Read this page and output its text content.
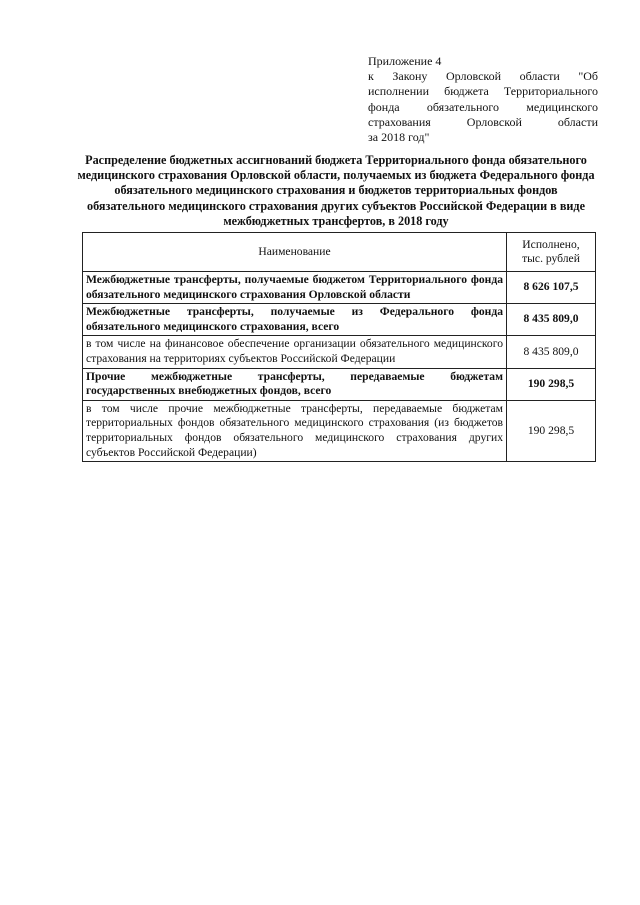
Приложение 4
к Закону Орловской области "Об
исполнении бюджета Территориального
фонда обязательного медицинского
страхования Орловской области
за 2018 год"
Распределение бюджетных ассигнований бюджета Территориального фонда обязательного медицинского страхования Орловской области, получаемых из бюджета Федерального фонда обязательного медицинского страхования и бюджетов территориальных фондов обязательного медицинского страхования других субъектов Российской Федерации в виде межбюджетных трансфертов, в 2018 году
Наименование	Исполнено,
тыс. рублей

Межбюджетные трансферты, получаемые бюджетом Территориального фонда обязательного медицинского страхования Орловской области	8 626 107,5
Межбюджетные трансферты, получаемые из Федерального фонда обязательного медицинского страхования, всего	8 435 809,0
в том числе на финансовое обеспечение организации обязательного медицинского страхования на территориях субъектов Российской Федерации	8 435 809,0
Прочие межбюджетные трансферты, передаваемые бюджетам государственных внебюджетных фондов, всего	190 298,5
в том числе прочие межбюджетные трансферты, передаваемые бюджетам территориальных фондов обязательного медицинского страхования (из бюджетов территориальных фондов обязательного медицинского страхования других субъектов Российской Федерации)	190 298,5
